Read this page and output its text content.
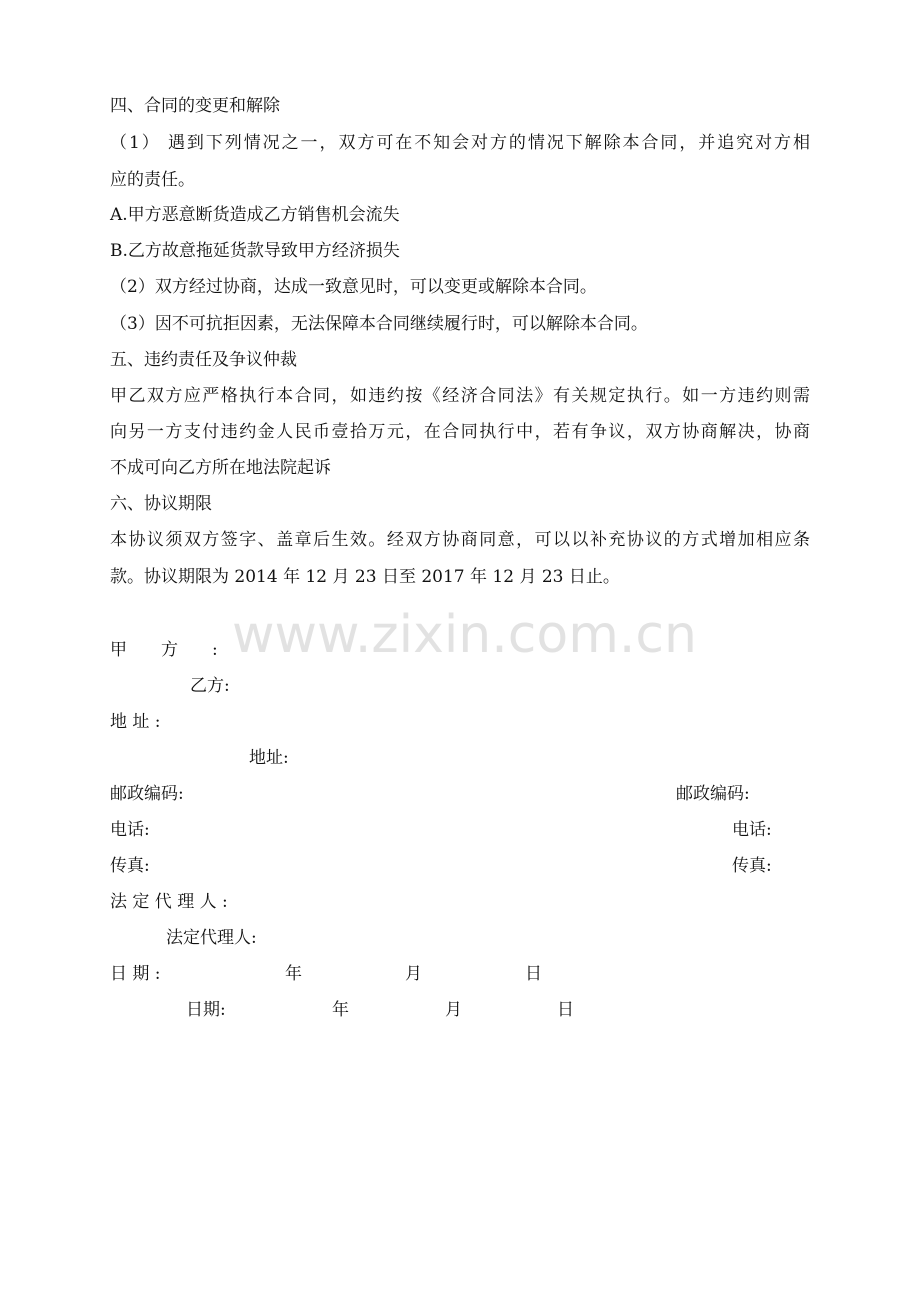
四、合同的变更和解除
（1） 遇到下列情况之一，双方可在不知会对方的情况下解除本合同，并追究对方相
应的责任。
A.甲方恶意断货造成乙方销售机会流失
B.乙方故意拖延货款导致甲方经济损失
（2）双方经过协商，达成一致意见时，可以变更或解除本合同。
（3）因不可抗拒因素，无法保障本合同继续履行时，可以解除本合同。
五、违约责任及争议仲裁
甲乙双方应严格执行本合同，如违约按《经济合同法》有关规定执行。如一方违约则需
向另一方支付违约金人民币壹拾万元，在合同执行中，若有争议，双方协商解决，协商
不成可向乙方所在地法院起诉
六、协议期限
本协议须双方签字、盖章后生效。经双方协商同意，可以以补充协议的方式增加相应条
款。协议期限为 2014 年 12 月 23 日至 2017 年 12 月 23 日止。
www.zixin.com.cn
甲　　方　　:
乙方:
地 址 :
地址:
邮政编码:	邮政编码:
电话:	电话:
传真:	传真:
法 定 代 理 人 :
法定代理人:
日 期 :	年	月	日
日期:	年	月	日
